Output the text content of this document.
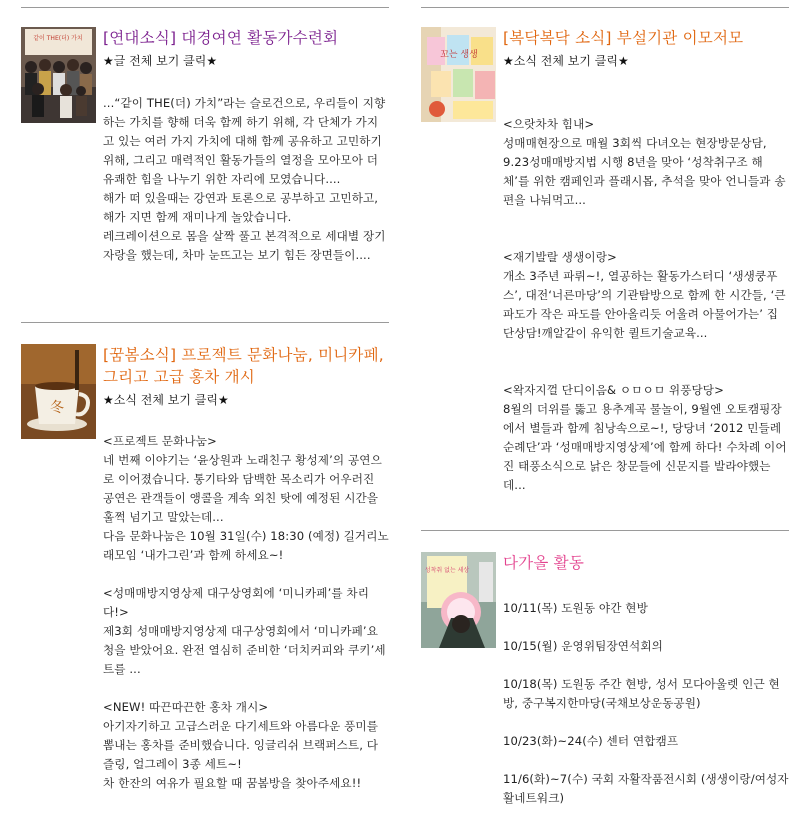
같이 THE(더) 가치 [연대소식] 대경여연 활동가수련회
★글 전체 보기 클릭★

...“같이 THE(더) 가치”라는 슬로건으로, 우리들이 지향하는 가치를 향해 더욱 함께 하기 위해, 각 단체가 가지고 있는 여러 가지 가치에 대해 함께 공유하고 고민하기 위해, 그리고 매력적인 활동가들의 열정을 모아모아 더 유쾌한 힘을 나누기 위한 자리에 모였습니다....
해가 떠 있을때는 강연과 토론으로 공부하고 고민하고, 해가 지면 함께 재미나게 놀았습니다.
레크레이션으로 몸을 살짝 풀고 본격적으로 세대별 장기자랑을 했는데, 차마 눈뜨고는 보기 힘든 장면들이....

冬
[꿈봄소식] 프로젝트 문화나눔, 미니카페, 그리고 고급 홍차 개시
★소식 전체 보기 클릭★

<프로젝트 문화나눔>
네 번째 이야기는 ‘윤상원과 노래친구 황성제’의 공연으로 이어졌습니다. 통기타와 담백한 목소리가 어우러진 공연은 관객들이 앵콜을 계속 외친 탓에 예정된 시간을 훌쩍 넘기고 말았는데...
다음 문화나눔은 10월 31일(수) 18:30 (예정) 길거리노래모임 ‘내가그린’과 함께 하세요~!

<성매매방지영상제 대구상영회에 ‘미니카페’를 차리다!>
제3회 성매매방지영상제 대구상영회에서 ‘미니카페’요청을 받았어요. 완전 열심히 준비한 ‘더치커피와 쿠키’세트를 ...

<NEW! 따끈따끈한 홍차 개시>
아기자기하고 고급스러운 다기세트와 아름다운 풍미를 뽐내는 홍차를 준비했습니다. 잉글리쉬 브랙퍼스트, 다즐링, 얼그레이 3종 세트~!
차 한잔의 여유가 필요할 때 꿈봄방을 찾아주세요!!

꼬는 생생
[복닥복닥 소식] 부설기관 이모저모
★소식 전체 보기 클릭★

<으랏차차 힘내>
성매매현장으로 매월 3회씩 다녀오는 현장방문상담, 9.23성매매방지법 시행 8년을 맞아 ‘성착취구조 해체’를 위한 캠페인과 플래시몹, 추석을 맞아 언니들과 송편을 나눠먹고...

<재기발랄 생생이랑>
개소 3주년 파뤼~!, 열공하는 활동가스터디 ‘생생쿵푸스’, 대전‘너른마당’의 기관탐방으로 함께 한 시간들, ‘큰 파도가 작은 파도를 안아올리듯 어울려 아물어가는’ 집단상담!깨알같이 유익한 퀼트기술교육...

<왁자지껄 단디이음& ㅇㅁㅇㅁ 위풍당당>
8월의 더위를 뚫고 용추계곡 물놀이, 9월엔 오토캠핑장에서 별들과 함께 침낭속으로~!, 당당녀 ‘2012 민들레순례단’과 ‘성매매방지영상제’에 함께 하다! 수차례 이어진 태풍소식으로 낡은 창문들에 신문지를 발라야했는데...

성착취 없는 세상 다가올 활동

10/11(목) 도원동 야간 현방

10/15(월) 운영위팀장연석회의

10/18(목) 도원동 주간 현방, 성서 모다아울렛 인근 현방, 중구복지한마당(국채보상운동공원)

10/23(화)~24(수) 센터 연합캠프

11/6(화)~7(수) 국회 자활작품전시회 (생생이랑/여성자활네트워크)
